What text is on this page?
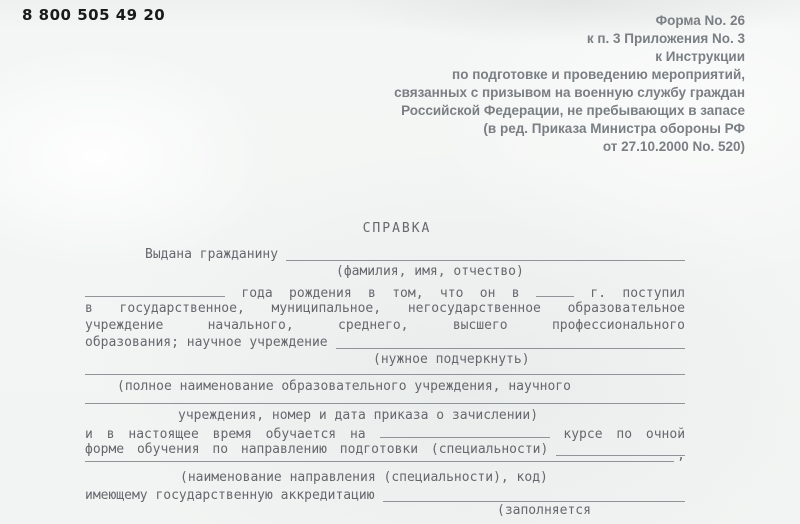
8 800 505 49 20	Форма No. 26
к п. 3 Приложения No. 3
к Инструкции
по подготовке и проведению мероприятий,
связанных с призывом на военную службу граждан
Российской Федерации, не пребывающих в запасе
(в ред. Приказа Министра обороны РФ
от 27.10.2000 No. 520)
СПРАВКА
Выдана гражданину
(фамилия, имя, отчество)
года рождения в том, что он в	г. поступил
в государственное, муниципальное, негосударственное образовательное
учреждение начального, среднего, высшего профессионального
образования; научное учреждение
(нужное подчеркнуть)
(полное наименование образовательного учреждения, научного
учреждения, номер и дата приказа о зачислении)
и в настоящее время обучается на	курсе по очной
форме обучения по направлению подготовки (специальности)	,
(наименование направления (специальности), код)
имеющему государственную аккредитацию
(заполняется
